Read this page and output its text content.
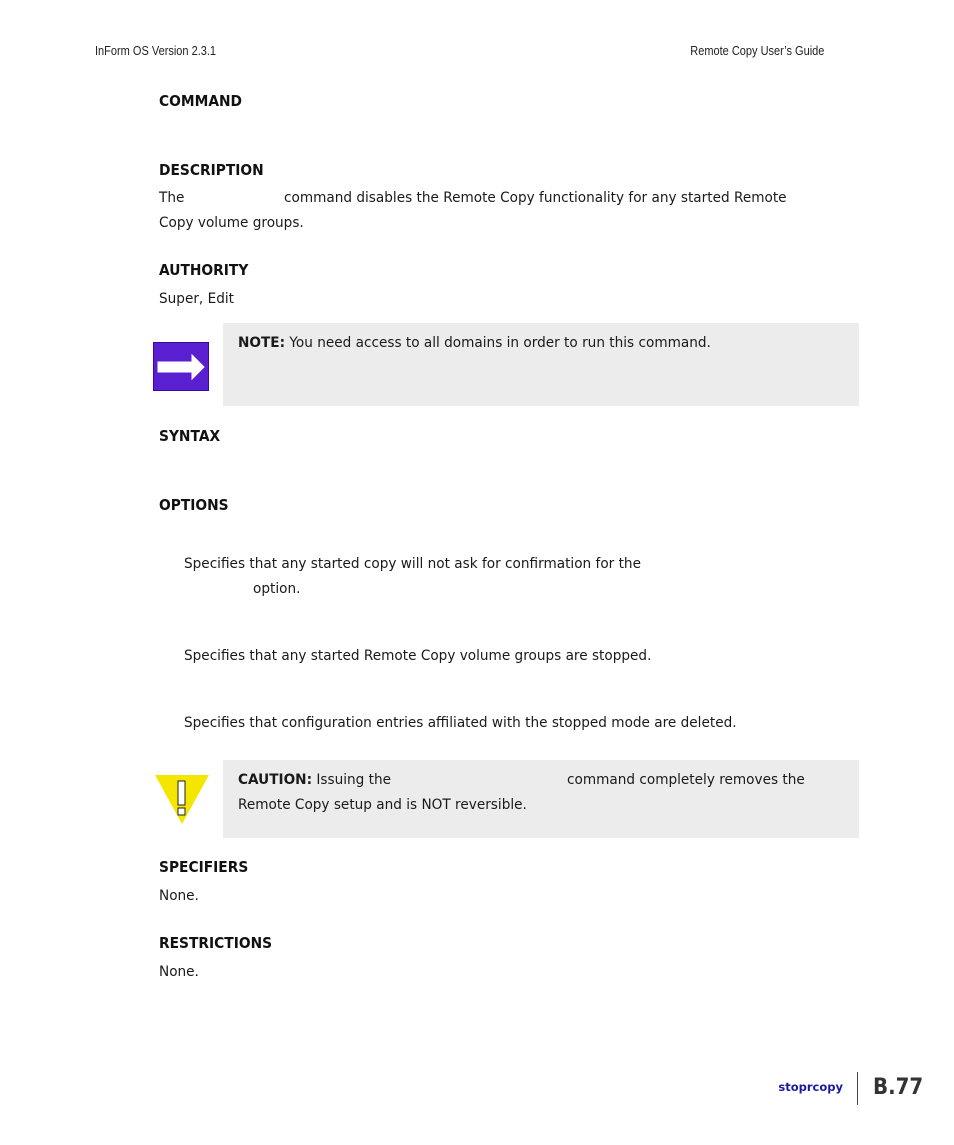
InForm OS Version 2.3.1	Remote Copy User’s Guide
COMMAND
DESCRIPTION
The	command disables the Remote Copy functionality for any started Remote
Copy volume groups.
AUTHORITY
Super, Edit
NOTE: You need access to all domains in order to run this command.
SYNTAX
OPTIONS
Specifies that any started copy will not ask for confirmation for the
option.
Specifies that any started Remote Copy volume groups are stopped.
Specifies that configuration entries affiliated with the stopped mode are deleted.
CAUTION: Issuing the	command completely removes the
Remote Copy setup and is NOT reversible.
SPECIFIERS
None.
RESTRICTIONS
None.
stoprcopy B.77
